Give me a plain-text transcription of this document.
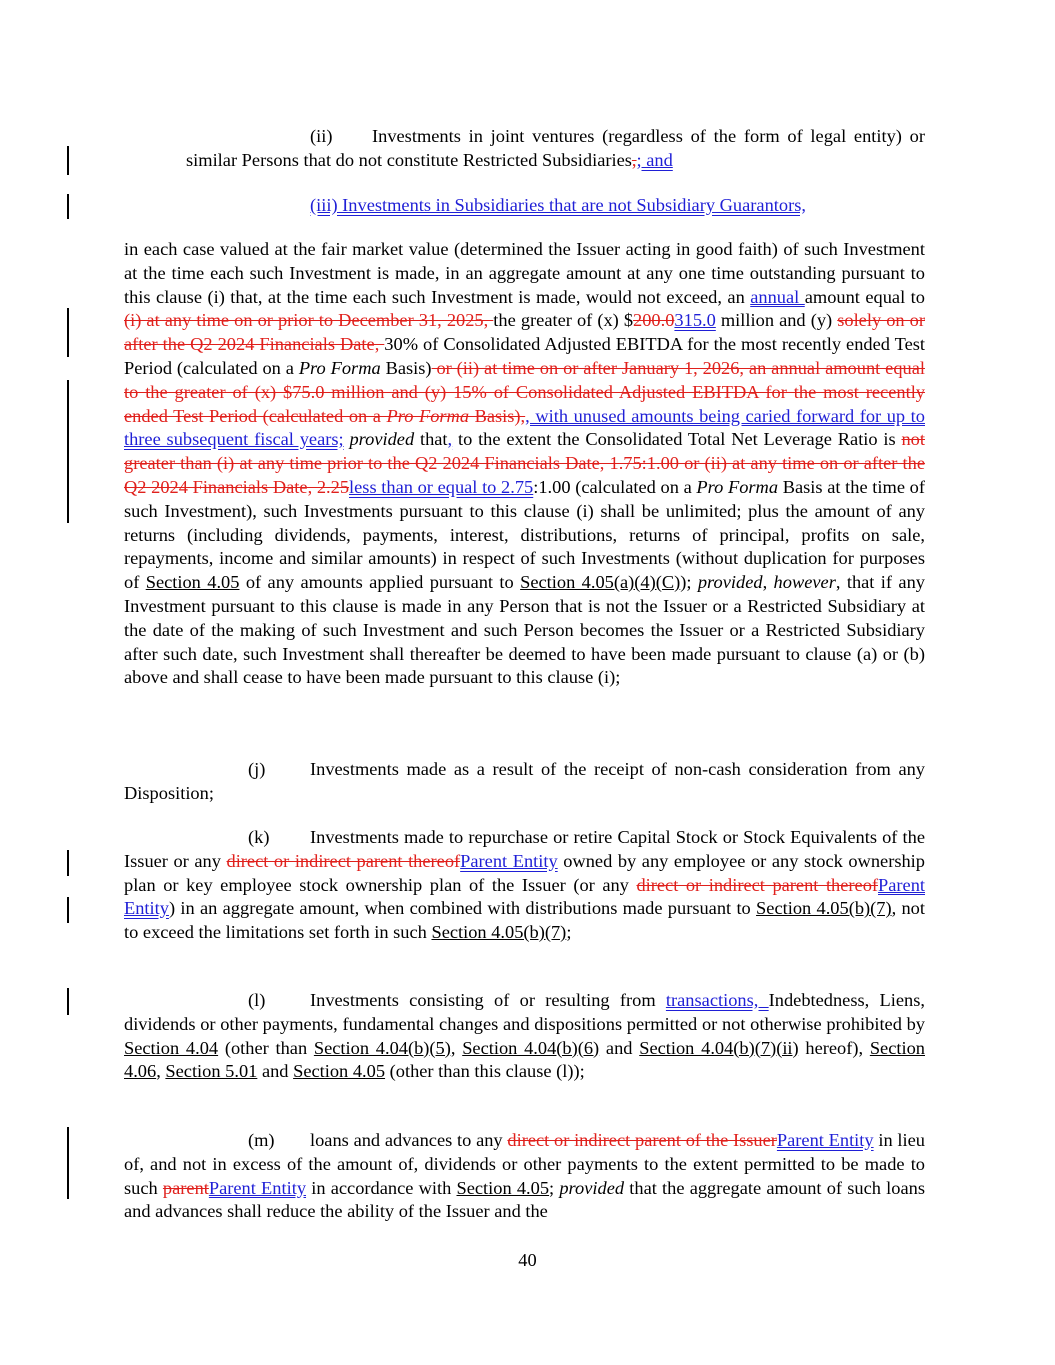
(ii) Investments in joint ventures (regardless of the form of legal entity) or similar Persons that do not constitute Restricted Subsidiaries,; and

(iii) Investments in Subsidiaries that are not Subsidiary Guarantors,

in each case valued at the fair market value (determined the Issuer acting in good faith) of such Investment at the time each such Investment is made, in an aggregate amount at any one time outstanding pursuant to this clause (i) that, at the time each such Investment is made, would not exceed, an annual amount equal to (i) at any time on or prior to December 31, 2025, the greater of (x) $200.0315.0 million and (y) solely on or after the Q2 2024 Financials Date, 30% of Consolidated Adjusted EBITDA for the most recently ended Test Period (calculated on a Pro Forma Basis) or (ii) at time on or after January 1, 2026, an annual amount equal to the greater of (x) $75.0 million and (y) 15% of Consolidated Adjusted EBITDA for the most recently ended Test Period (calculated on a Pro Forma Basis),, with unused amounts being caried forward for up to three subsequent fiscal years; provided that, to the extent the Consolidated Total Net Leverage Ratio is not greater than (i) at any time prior to the Q2 2024 Financials Date, 1.75:1.00 or (ii) at any time on or after the Q2 2024 Financials Date, 2.25less than or equal to 2.75:1.00 (calculated on a Pro Forma Basis at the time of such Investment), such Investments pursuant to this clause (i) shall be unlimited; plus the amount of any returns (including dividends, payments, interest, distributions, returns of principal, profits on sale, repayments, income and similar amounts) in respect of such Investments (without duplication for purposes of Section 4.05 of any amounts applied pursuant to Section 4.05(a)(4)(C)); provided, however, that if any Investment pursuant to this clause is made in any Person that is not the Issuer or a Restricted Subsidiary at the date of the making of such Investment and such Person becomes the Issuer or a Restricted Subsidiary after such date, such Investment shall thereafter be deemed to have been made pursuant to clause (a) or (b) above and shall cease to have been made pursuant to this clause (i);

(j) Investments made as a result of the receipt of non-cash consideration from any Disposition;

(k) Investments made to repurchase or retire Capital Stock or Stock Equivalents of the Issuer or any direct or indirect parent thereofParent Entity owned by any employee or any stock ownership plan or key employee stock ownership plan of the Issuer (or any direct or indirect parent thereofParent Entity) in an aggregate amount, when combined with distributions made pursuant to Section 4.05(b)(7), not to exceed the limitations set forth in such Section 4.05(b)(7);

(l) Investments consisting of or resulting from transactions, Indebtedness, Liens, dividends or other payments, fundamental changes and dispositions permitted or not otherwise prohibited by Section 4.04 (other than Section 4.04(b)(5), Section 4.04(b)(6) and Section 4.04(b)(7)(ii) hereof), Section 4.06, Section 5.01 and Section 4.05 (other than this clause (l));

(m) loans and advances to any direct or indirect parent of the IssuerParent Entity in lieu of, and not in excess of the amount of, dividends or other payments to the extent permitted to be made to such parentParent Entity in accordance with Section 4.05; provided that the aggregate amount of such loans and advances shall reduce the ability of the Issuer and the

40
